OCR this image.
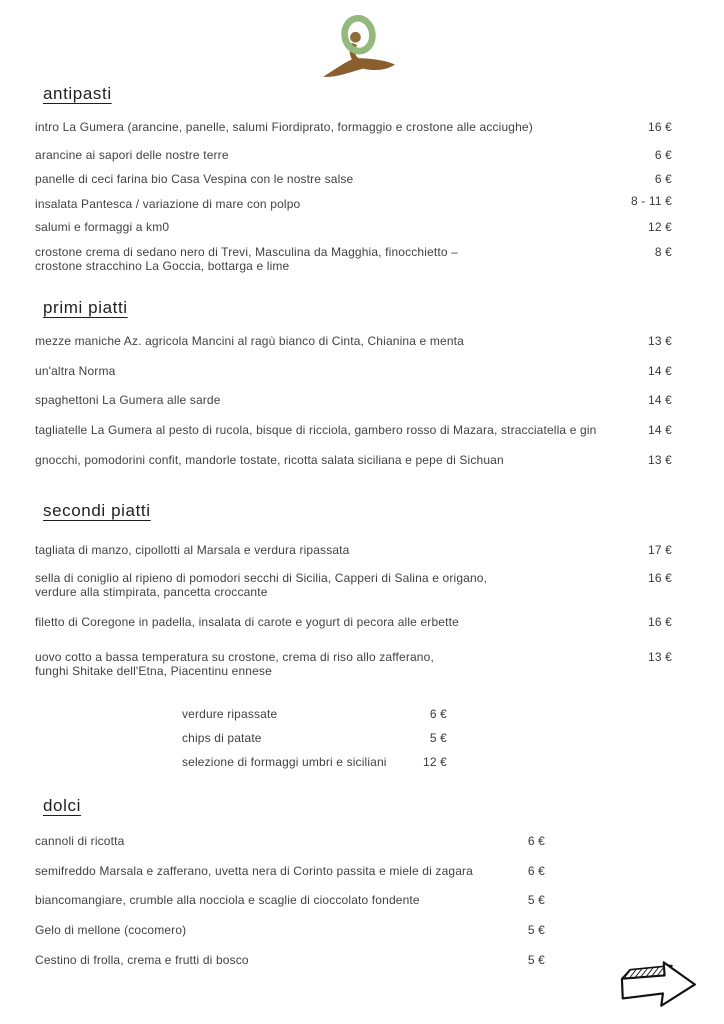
antipasti
intro La Gumera (arancine, panelle, salumi Fiordiprato, formaggio e crostone alle acciughe)	16 €
arancine ai sapori delle nostre terre	6 €
panelle di ceci farina bio Casa Vespina con le nostre salse	6 €
insalata Pantesca / variazione di mare con polpo	8 - 11 €
salumi e formaggi a km0	12 €
crostone crema di sedano nero di Trevi, Masculina da Magghia, finocchietto –
crostone stracchino La Goccia, bottarga e lime
8 €
primi piatti
mezze maniche Az. agricola Mancini al ragù bianco di Cinta, Chianina e menta	13 €
un'altra Norma	14 €
spaghettoni La Gumera alle sarde	14 €
tagliatelle La Gumera al pesto di rucola, bisque di ricciola, gambero rosso di Mazara, stracciatella e gin	14 €
gnocchi, pomodorini confit, mandorle tostate, ricotta salata siciliana e pepe di Sichuan	13 €
secondi piatti
tagliata di manzo, cipollotti al Marsala e verdura ripassata	17 €
sella di coniglio al ripieno di pomodori secchi di Sicilia, Capperi di Salina e origano,
verdure alla stimpirata, pancetta croccante
16 €
filetto di Coregone in padella, insalata di carote e yogurt di pecora alle erbette	16 €
uovo cotto a bassa temperatura su crostone, crema di riso allo zafferano,
funghi Shitake dell'Etna, Piacentinu ennese
13 €
verdure ripassate	6 €
chips di patate	5 €
selezione di formaggi umbri e siciliani	12 €
dolci
cannoli di ricotta	6 €
semifreddo Marsala e zafferano, uvetta nera di Corinto passita e miele di zagara	6 €
biancomangiare, crumble alla nocciola e scaglie di cioccolato fondente	5 €
Gelo di mellone (cocomero)	5 €
Cestino di frolla, crema e frutti di bosco	5 €
